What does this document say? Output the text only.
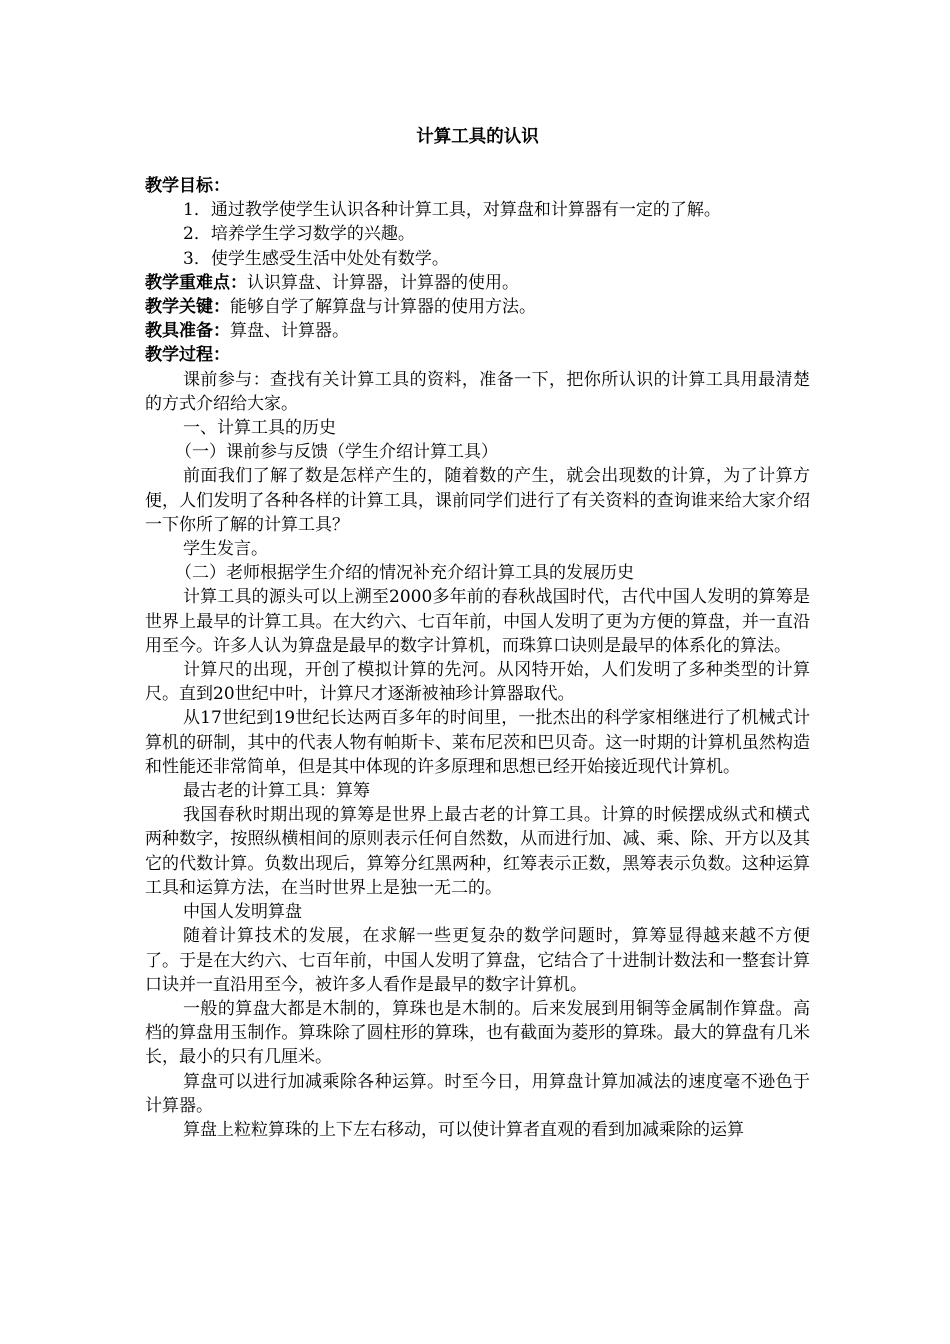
计算工具的认识

教学目标：

1．通过教学使学生认识各种计算工具，对算盘和计算器有一定的了解。

2．培养学生学习数学的兴趣。

3．使学生感受生活中处处有数学。

教学重难点：认识算盘、计算器，计算器的使用。

教学关键：能够自学了解算盘与计算器的使用方法。

教具准备：算盘、计算器。

教学过程：

课前参与：查找有关计算工具的资料，准备一下，把你所认识的计算工具用最清楚的方式介绍给大家。

一、计算工具的历史

（一）课前参与反馈（学生介绍计算工具）

前面我们了解了数是怎样产生的，随着数的产生，就会出现数的计算，为了计算方便，人们发明了各种各样的计算工具，课前同学们进行了有关资料的查询谁来给大家介绍一下你所了解的计算工具？

学生发言。

（二）老师根据学生介绍的情况补充介绍计算工具的发展历史

计算工具的源头可以上溯至2000多年前的春秋战国时代，古代中国人发明的算筹是世界上最早的计算工具。在大约六、七百年前，中国人发明了更为方便的算盘，并一直沿用至今。许多人认为算盘是最早的数字计算机，而珠算口诀则是最早的体系化的算法。

计算尺的出现，开创了模拟计算的先河。从冈特开始，人们发明了多种类型的计算尺。直到20世纪中叶，计算尺才逐渐被袖珍计算器取代。

从17世纪到19世纪长达两百多年的时间里，一批杰出的科学家相继进行了机械式计算机的研制，其中的代表人物有帕斯卡、莱布尼茨和巴贝奇。这一时期的计算机虽然构造和性能还非常简单，但是其中体现的许多原理和思想已经开始接近现代计算机。

最古老的计算工具：算筹

我国春秋时期出现的算筹是世界上最古老的计算工具。计算的时候摆成纵式和横式两种数字，按照纵横相间的原则表示任何自然数，从而进行加、减、乘、除、开方以及其它的代数计算。负数出现后，算筹分红黑两种，红筹表示正数，黑筹表示负数。这种运算工具和运算方法，在当时世界上是独一无二的。

中国人发明算盘

随着计算技术的发展，在求解一些更复杂的数学问题时，算筹显得越来越不方便了。于是在大约六、七百年前，中国人发明了算盘，它结合了十进制计数法和一整套计算口诀并一直沿用至今，被许多人看作是最早的数字计算机。

一般的算盘大都是木制的，算珠也是木制的。后来发展到用铜等金属制作算盘。高档的算盘用玉制作。算珠除了圆柱形的算珠，也有截面为菱形的算珠。最大的算盘有几米长，最小的只有几厘米。

算盘可以进行加减乘除各种运算。时至今日，用算盘计算加减法的速度毫不逊色于计算器。

算盘上粒粒算珠的上下左右移动，可以使计算者直观的看到加减乘除的运算
